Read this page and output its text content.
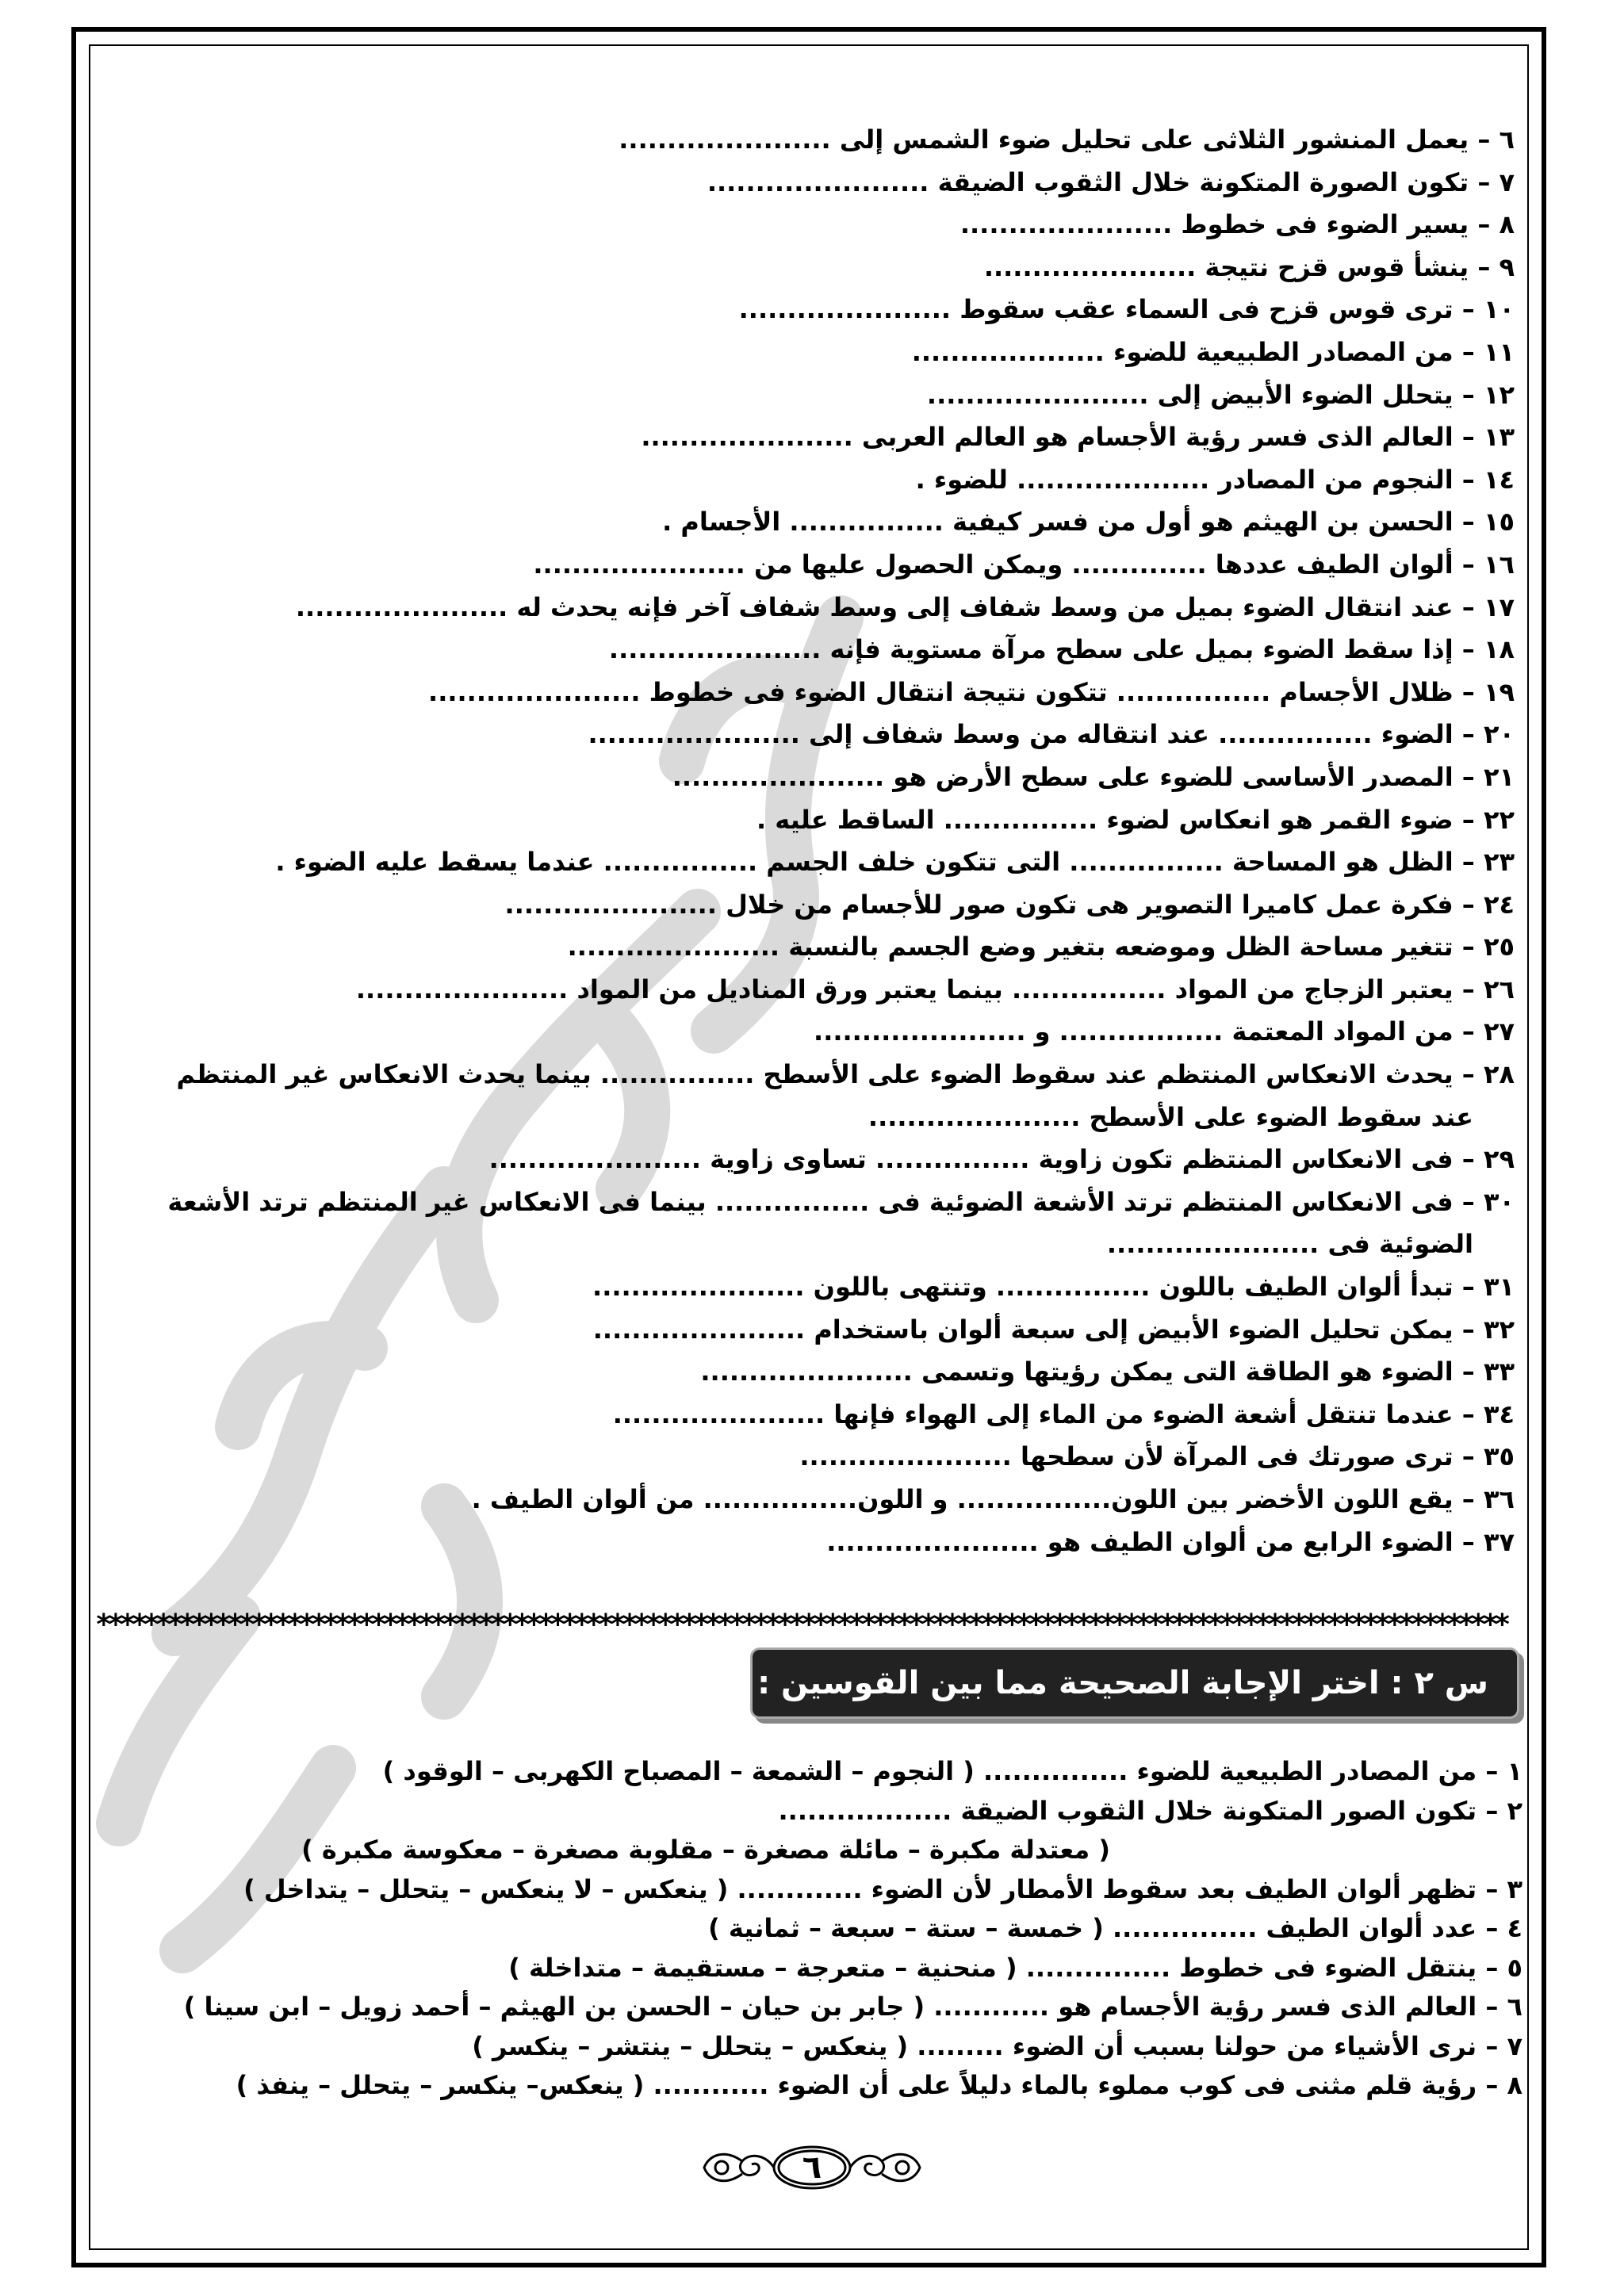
٦ – يعمل المنشور الثلاثى على تحليل ضوء الشمس إلى ......................
٧ – تكون الصورة المتكونة خلال الثقوب الضيقة .......................
٨ – يسير الضوء فى خطوط ......................
٩ – ينشأ قوس قزح نتيجة ......................
١٠ – ترى قوس قزح فى السماء عقب سقوط ......................
١١ – من المصادر الطبيعية للضوء ....................
١٢ – يتحلل الضوء الأبيض إلى .......................
١٣ – العالم الذى فسر رؤية الأجسام هو العالم العربى ......................
١٤ – النجوم من المصادر .................... للضوء .
١٥ – الحسن بن الهيثم هو أول من فسر كيفية ................ الأجسام .
١٦ – ألوان الطيف عددها .............. ويمكن الحصول عليها من ......................
١٧ – عند انتقال الضوء بميل من وسط شفاف إلى وسط شفاف آخر فإنه يحدث له ......................
١٨ – إذا سقط الضوء بميل على سطح مرآة مستوية فإنه ......................
١٩ – ظلال الأجسام ................ تتكون نتيجة انتقال الضوء فى خطوط ......................
٢٠ – الضوء ................ عند انتقاله من وسط شفاف إلى ......................
٢١ – المصدر الأساسى للضوء على سطح الأرض هو ......................
٢٢ – ضوء القمر هو انعكاس لضوء ................ الساقط عليه .
٢٣ – الظل هو المساحة ................ التى تتكون خلف الجسم ................ عندما يسقط عليه الضوء .
٢٤ – فكرة عمل كاميرا التصوير هى تكون صور للأجسام من خلال ......................
٢٥ – تتغير مساحة الظل وموضعه بتغير وضع الجسم بالنسبة ......................
٢٦ – يعتبر الزجاج من المواد ................ بينما يعتبر ورق المناديل من المواد ......................
٢٧ – من المواد المعتمة ................. و ......................
٢٨ – يحدث الانعكاس المنتظم عند سقوط الضوء على الأسطح ................ بينما يحدث الانعكاس غير المنتظم
عند سقوط الضوء على الأسطح ......................
٢٩ – فى الانعكاس المنتظم تكون زاوية ................ تساوى زاوية ......................
٣٠ – فى الانعكاس المنتظم ترتد الأشعة الضوئية فى ................ بينما فى الانعكاس غير المنتظم ترتد الأشعة
الضوئية فى ......................
٣١ – تبدأ ألوان الطيف باللون ................ وتنتهى باللون ......................
٣٢ – يمكن تحليل الضوء الأبيض إلى سبعة ألوان باستخدام ......................
٣٣ – الضوء هو الطاقة التى يمكن رؤيتها وتسمى ......................
٣٤ – عندما تنتقل أشعة الضوء من الماء إلى الهواء فإنها ......................
٣٥ – ترى صورتك فى المرآة لأن سطحها ......................
٣٦ – يقع اللون الأخضر بين اللون................ و اللون................ من ألوان الطيف .
٣٧ – الضوء الرابع من ألوان الطيف هو ......................
**********************************************************************************************************************
س ٢ : اختر الإجابة الصحيحة مما بين القوسين :
١ – من المصادر الطبيعية للضوء ............... ( النجوم – الشمعة – المصباح الكهربى – الوقود )
٢ – تكون الصور المتكونة خلال الثقوب الضيقة ..................
( معتدلة مكبرة – مائلة مصغرة – مقلوبة مصغرة – معكوسة مكبرة )
٣ – تظهر ألوان الطيف بعد سقوط الأمطار لأن الضوء ............. ( ينعكس – لا ينعكس – يتحلل – يتداخل )
٤ – عدد ألوان الطيف ............... ( خمسة – ستة – سبعة – ثمانية )
٥ – ينتقل الضوء فى خطوط ............... ( منحنية – متعرجة – مستقيمة – متداخلة )
٦ – العالم الذى فسر رؤية الأجسام هو ............ ( جابر بن حيان – الحسن بن الهيثم – أحمد زويل – ابن سينا )
٧ – نرى الأشياء من حولنا بسبب أن الضوء ......... ( ينعكس – يتحلل – ينتشر – ينكسر )
٨ – رؤية قلم مثنى فى كوب مملوء بالماء دليلاً على أن الضوء ............ ( ينعكس– ينكسر – يتحلل – ينفذ )
٦
